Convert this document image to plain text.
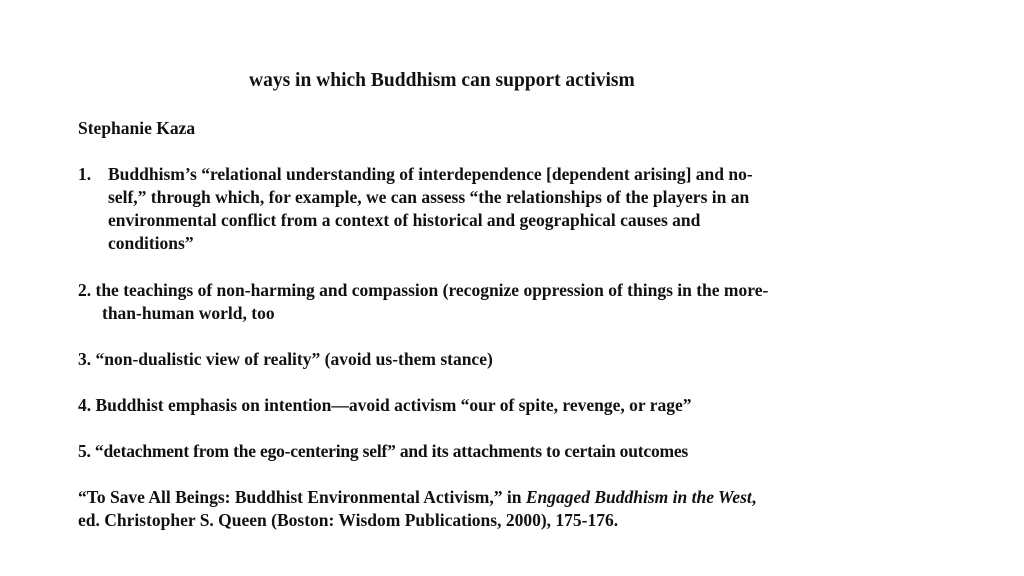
ways in which Buddhism can support activism
Stephanie Kaza
1. Buddhism’s “relational understanding of interdependence [dependent arising] and no-
self,” through which, for example, we can assess “the relationships of the players in an
environmental conflict from a context of historical and geographical causes and
conditions”
2. the teachings of non-harming and compassion (recognize oppression of things in the more-
than-human world, too
3. “non-dualistic view of reality” (avoid us-them stance)
4. Buddhist emphasis on intention—avoid activism “our of spite, revenge, or rage”
5. “detachment from the ego-centering self” and its attachments to certain outcomes
“To Save All Beings: Buddhist Environmental Activism,” in Engaged Buddhism in the West,
ed. Christopher S. Queen (Boston: Wisdom Publications, 2000), 175-176.
